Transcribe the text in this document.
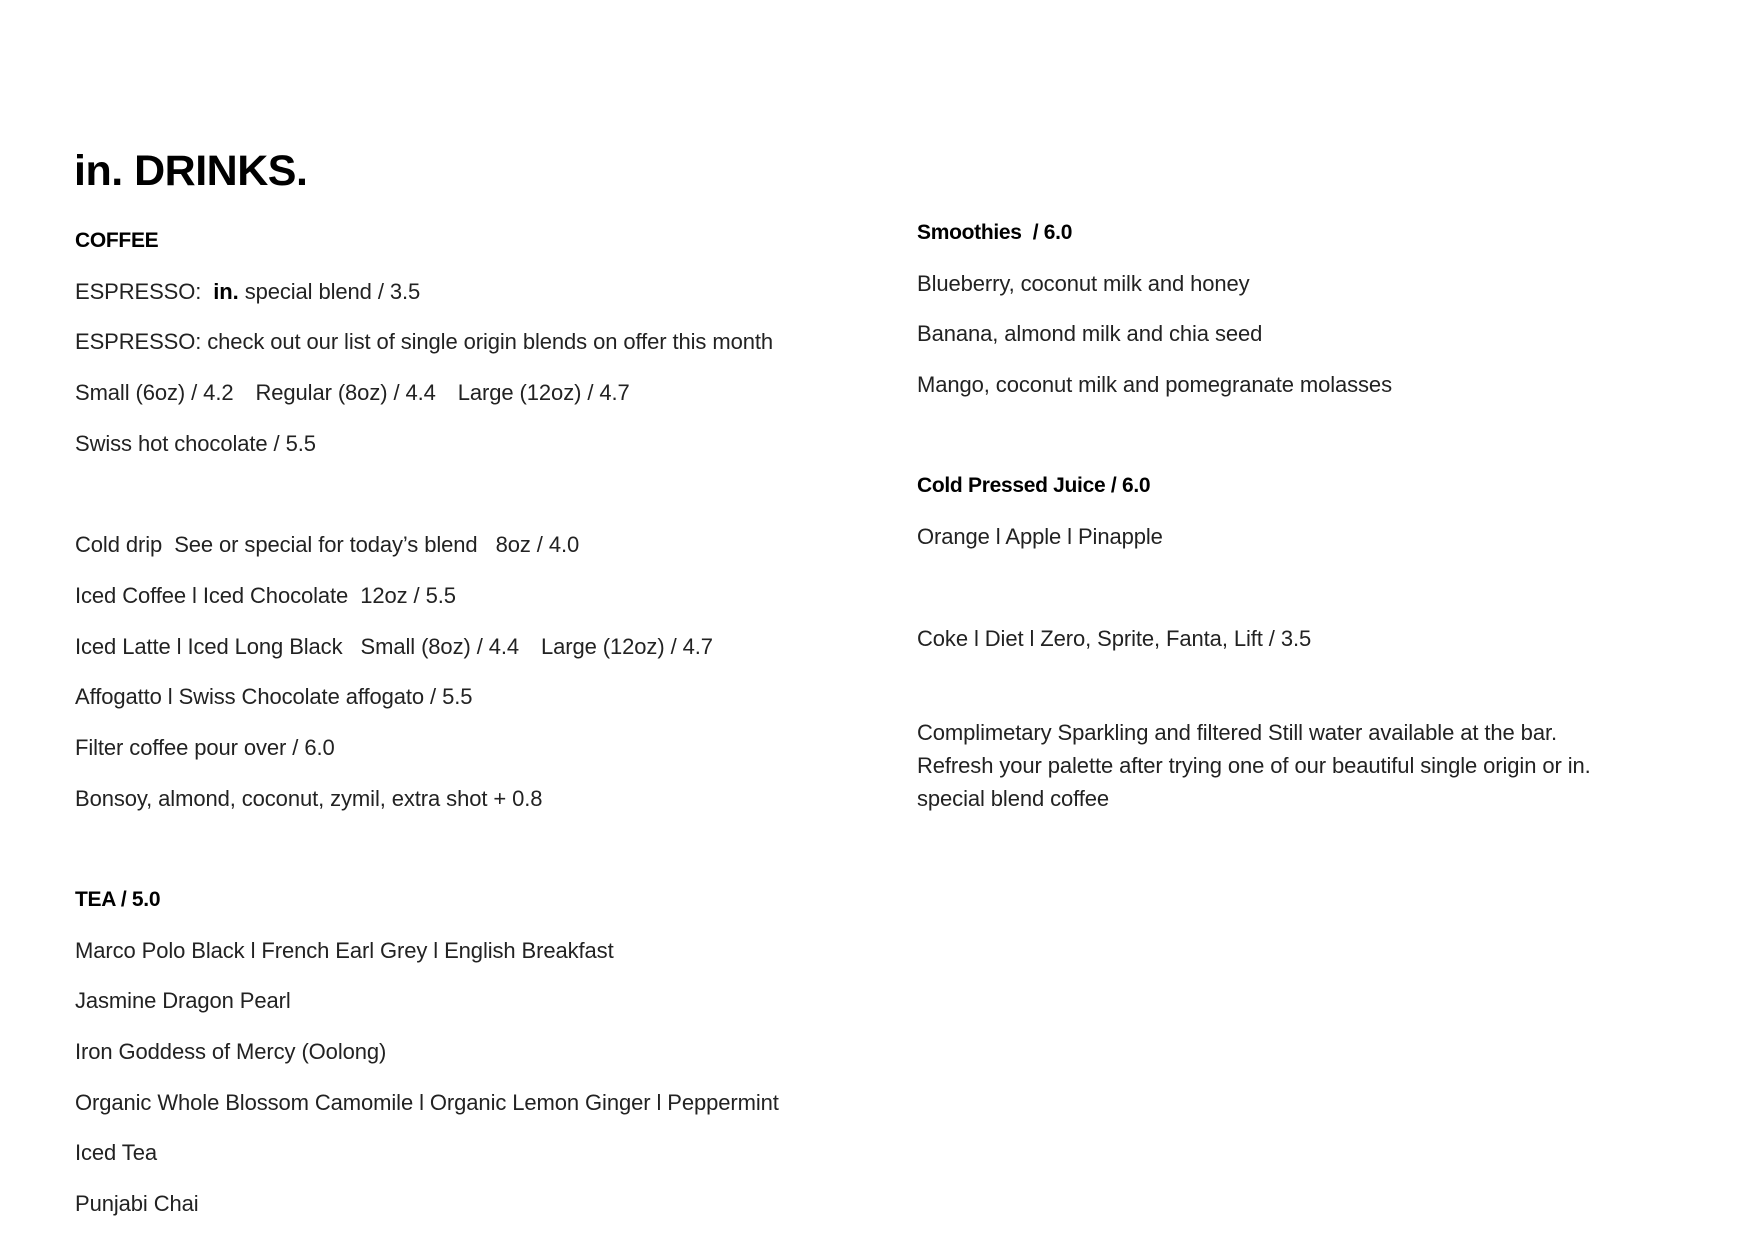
in. DRINKS.
COFFEE
ESPRESSO: in. special blend / 3.5
ESPRESSO: check out our list of single origin blends on offer this month
Small (6oz) / 4.2 Regular (8oz) / 4.4 Large (12oz) / 4.7
Swiss hot chocolate / 5.5
Cold drip See or special for today’s blend 8oz / 4.0
Iced Coffee l Iced Chocolate 12oz / 5.5
Iced Latte l Iced Long Black Small (8oz) / 4.4 Large (12oz) / 4.7
Affogatto l Swiss Chocolate affogato / 5.5
Filter coffee pour over / 6.0
Bonsoy, almond, coconut, zymil, extra shot + 0.8
TEA / 5.0
Marco Polo Black l French Earl Grey l English Breakfast
Jasmine Dragon Pearl
Iron Goddess of Mercy (Oolong)
Organic Whole Blossom Camomile l Organic Lemon Ginger l Peppermint
Iced Tea
Punjabi Chai
Smoothies  / 6.0
Blueberry, coconut milk and honey
Banana, almond milk and chia seed
Mango, coconut milk and pomegranate molasses
Cold Pressed Juice / 6.0
Orange l Apple l Pinapple
Coke l Diet l Zero, Sprite, Fanta, Lift / 3.5
Complimetary Sparkling and filtered Still water available at the bar.
Refresh your palette after trying one of our beautiful single origin or in.
special blend coffee
